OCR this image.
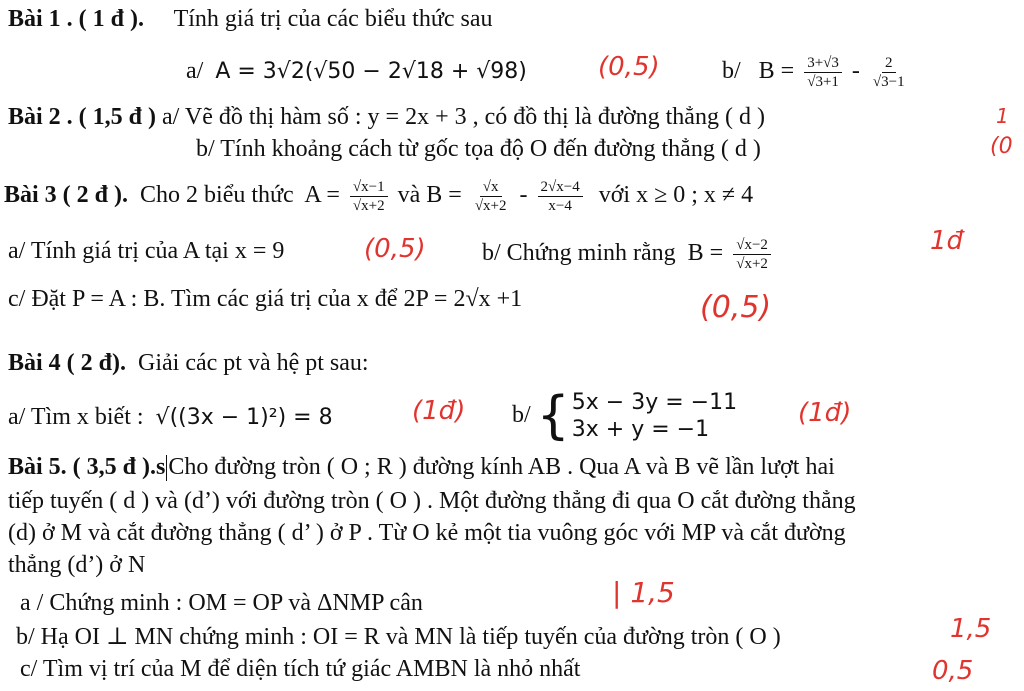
Bài 1 . ( 1 đ ). Tính giá trị của các biểu thức sau
a/ A = 3√2(√50 − 2√18 + √98)	(0,5)	b/ $B = \frac{3+√3}{√3+1} - \frac{2}{√3-1}$
Bài 2 . ( 1,5 đ ) a/ Vẽ đồ thị hàm số : y = 2x + 3 , có đồ thị là đường thẳng ( d )	1
b/ Tính khoảng cách từ gốc tọa độ O đến đường thẳng ( d )	(0
Bài 3 ( 2 đ ). Cho 2 biểu thức $A = \frac{√x-1}{√x+2}$ và $B = \frac{√x}{√x+2} - \frac{2√x-4}{x-4}$ với x ≥ 0 ; x ≠ 4
a/ Tính giá trị của A tại x = 9	(0,5) b/ Chứng minh rằng $B = \frac{√x-2}{√x+2}$	1đ
c/ Đặt P = A : B. Tìm các giá trị của x để 2P = 2√x +1	(0,5)
Bài 4 ( 2 đ). Giải các pt và hệ pt sau:
a/ Tìm x biết : √((3x − 1)²) = 8	(1đ) b/ { 5x − 3y = −11
3x + y = −1
(1đ)
Bài 5. ( 3,5 đ ).s Cho đường tròn ( O ; R ) đường kính AB . Qua A và B vẽ lần lượt hai
tiếp tuyến ( d ) và (d’) với đường tròn ( O ) . Một đường thẳng đi qua O cắt đường thẳng
(d) ở M và cắt đường thẳng ( d’ ) ở P . Từ O kẻ một tia vuông góc với MP và cắt đường
thẳng (d’) ở N
a / Chứng minh : OM = OP và ΔNMP cân	| 1,5
b/ Hạ OI ⊥ MN chứng minh : OI = R và MN là tiếp tuyến của đường tròn ( O )	1,5
c/ Tìm vị trí của M để diện tích tứ giác AMBN là nhỏ nhất	0,5
